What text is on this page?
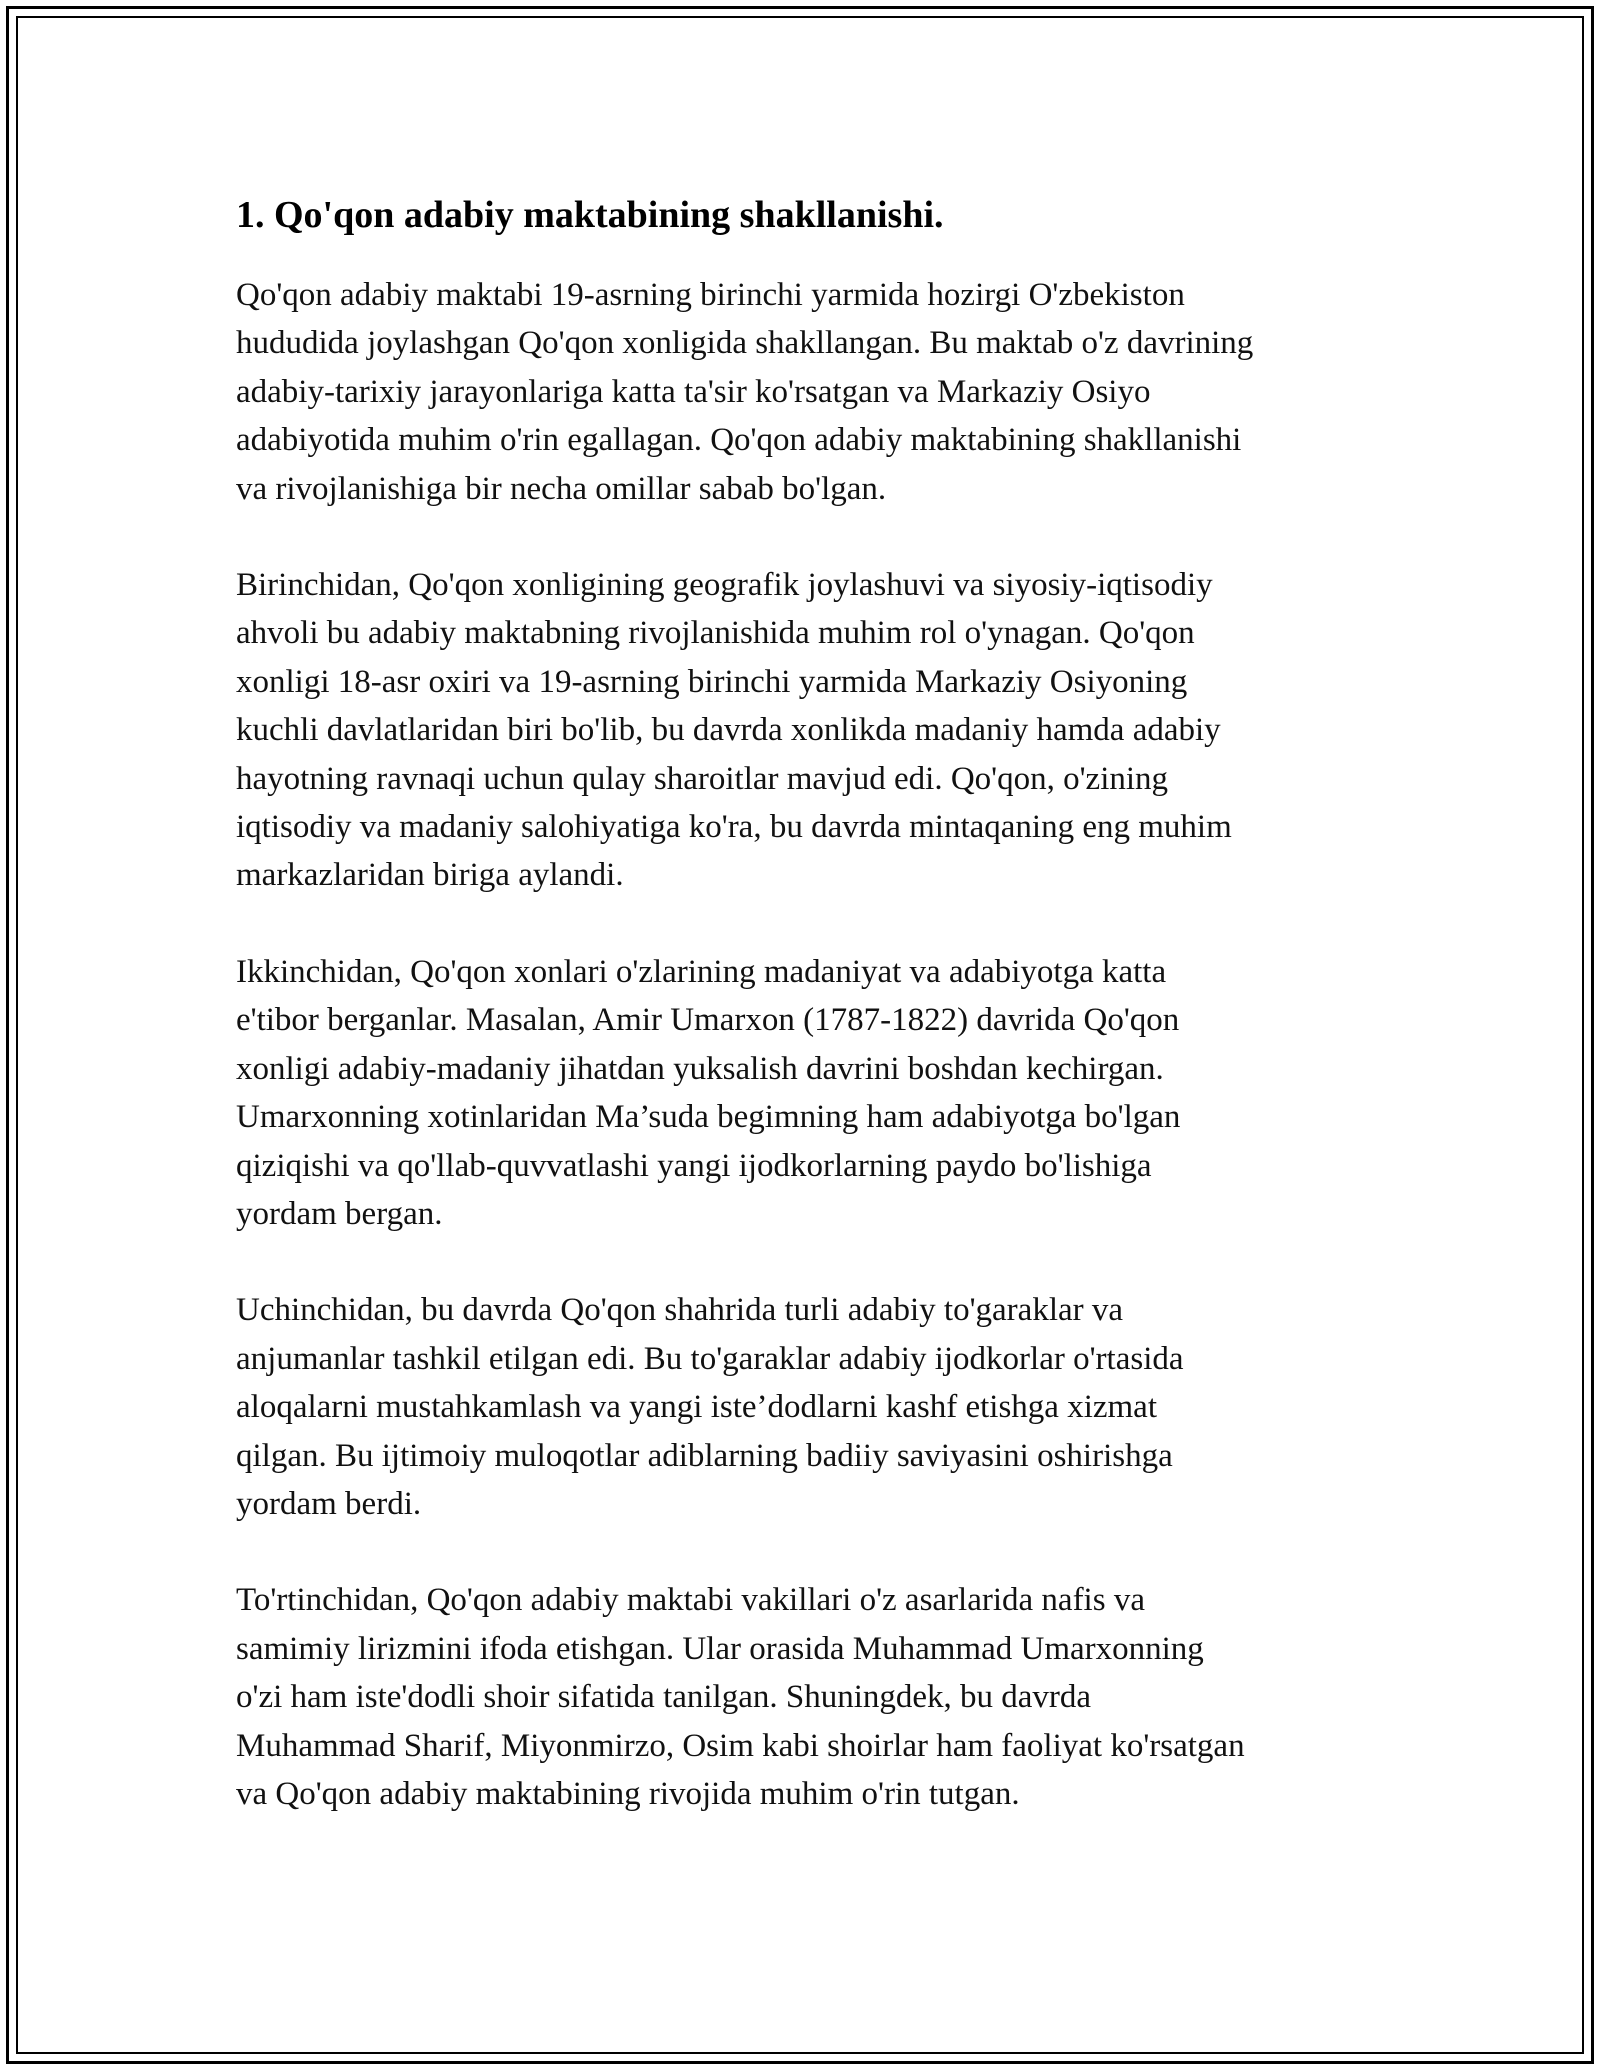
1. Qo'qon adabiy maktabining shakllanishi.

Qo'qon adabiy maktabi 19-asrning birinchi yarmida hozirgi O'zbekiston
hududida joylashgan Qo'qon xonligida shakllangan. Bu maktab o'z davrining
adabiy-tarixiy jarayonlariga katta ta'sir ko'rsatgan va Markaziy Osiyo
adabiyotida muhim o'rin egallagan. Qo'qon adabiy maktabining shakllanishi
va rivojlanishiga bir necha omillar sabab bo'lgan.

Birinchidan, Qo'qon xonligining geografik joylashuvi va siyosiy-iqtisodiy
ahvoli bu adabiy maktabning rivojlanishida muhim rol o'ynagan. Qo'qon
xonligi 18-asr oxiri va 19-asrning birinchi yarmida Markaziy Osiyoning
kuchli davlatlaridan biri bo'lib, bu davrda xonlikda madaniy hamda adabiy
hayotning ravnaqi uchun qulay sharoitlar mavjud edi. Qo'qon, o'zining
iqtisodiy va madaniy salohiyatiga ko'ra, bu davrda mintaqaning eng muhim
markazlaridan biriga aylandi.

Ikkinchidan, Qo'qon xonlari o'zlarining madaniyat va adabiyotga katta
e'tibor berganlar. Masalan, Amir Umarxon (1787-1822) davrida Qo'qon
xonligi adabiy-madaniy jihatdan yuksalish davrini boshdan kechirgan.
Umarxonning xotinlaridan Ma’suda begimning ham adabiyotga bo'lgan
qiziqishi va qo'llab-quvvatlashi yangi ijodkorlarning paydo bo'lishiga
yordam bergan.

Uchinchidan, bu davrda Qo'qon shahrida turli adabiy to'garaklar va
anjumanlar tashkil etilgan edi. Bu to'garaklar adabiy ijodkorlar o'rtasida
aloqalarni mustahkamlash va yangi iste’dodlarni kashf etishga xizmat
qilgan. Bu ijtimoiy muloqotlar adiblarning badiiy saviyasini oshirishga
yordam berdi.

To'rtinchidan, Qo'qon adabiy maktabi vakillari o'z asarlarida nafis va
samimiy lirizmini ifoda etishgan. Ular orasida Muhammad Umarxonning
o'zi ham iste'dodli shoir sifatida tanilgan. Shuningdek, bu davrda
Muhammad Sharif, Miyonmirzo, Osim kabi shoirlar ham faoliyat ko'rsatgan
va Qo'qon adabiy maktabining rivojida muhim o'rin tutgan.
